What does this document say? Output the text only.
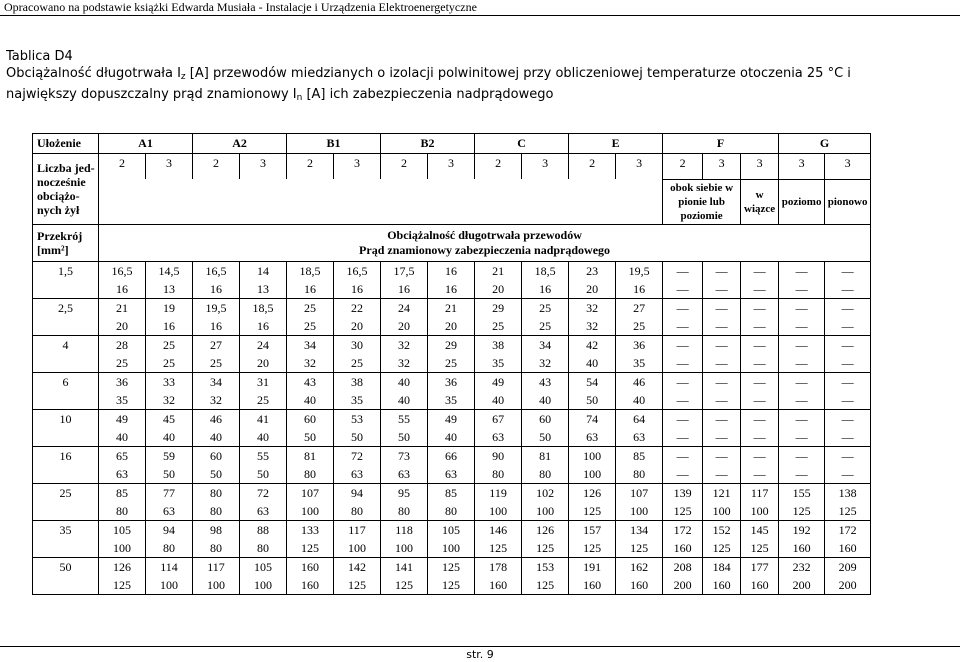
Opracowano na podstawie książki Edwarda Musiała - Instalacje i Urządzenia Elektroenergetyczne
Tablica D4
Obciążalność długotrwała $I_z$ [A] przewodów miedzianych o izolacji polwinitowej przy obliczeniowej temperaturze otoczenia 25 °C i
największy dopuszczalny prąd znamionowy $I_n$ [A] ich zabezpieczenia nadprądowego
Ułożenie	A1		A2		B1		B2		C		E		F			G	
Liczba jed-nocześnie obciążo-nych żył	2	3	2	3	2	3	2	3	2	3	2	3	2	3	3	3	3
													obok siebie w pionie lub poziomie		w wiązce	poziomo	pionowo
Przekrój [mm²]	Obciążalność długotrwała przewodów
Prąd znamionowy zabezpieczenia nadprądowego																

1,5	16,5	14,5	16,5	14	18,5	16,5	17,5	16	21	18,5	23	19,5	—	—	—	—	—
	16	13	16	13	16	16	16	16	20	16	20	16	—	—	—	—	—
2,5	21	19	19,5	18,5	25	22	24	21	29	25	32	27	—	—	—	—	—
	20	16	16	16	25	20	20	20	25	25	32	25	—	—	—	—	—
4	28	25	27	24	34	30	32	29	38	34	42	36	—	—	—	—	—
	25	25	25	20	32	25	32	25	35	32	40	35	—	—	—	—	—
6	36	33	34	31	43	38	40	36	49	43	54	46	—	—	—	—	—
	35	32	32	25	40	35	40	35	40	40	50	40	—	—	—	—	—
10	49	45	46	41	60	53	55	49	67	60	74	64	—	—	—	—	—
	40	40	40	40	50	50	50	40	63	50	63	63	—	—	—	—	—
16	65	59	60	55	81	72	73	66	90	81	100	85	—	—	—	—	—
	63	50	50	50	80	63	63	63	80	80	100	80	—	—	—	—	—
25	85	77	80	72	107	94	95	85	119	102	126	107	139	121	117	155	138
	80	63	80	63	100	80	80	80	100	100	125	100	125	100	100	125	125
35	105	94	98	88	133	117	118	105	146	126	157	134	172	152	145	192	172
	100	80	80	80	125	100	100	100	125	125	125	125	160	125	125	160	160
50	126	114	117	105	160	142	141	125	178	153	191	162	208	184	177	232	209
	125	100	100	100	160	125	125	125	160	125	160	160	200	160	160	200	200
str. 9
